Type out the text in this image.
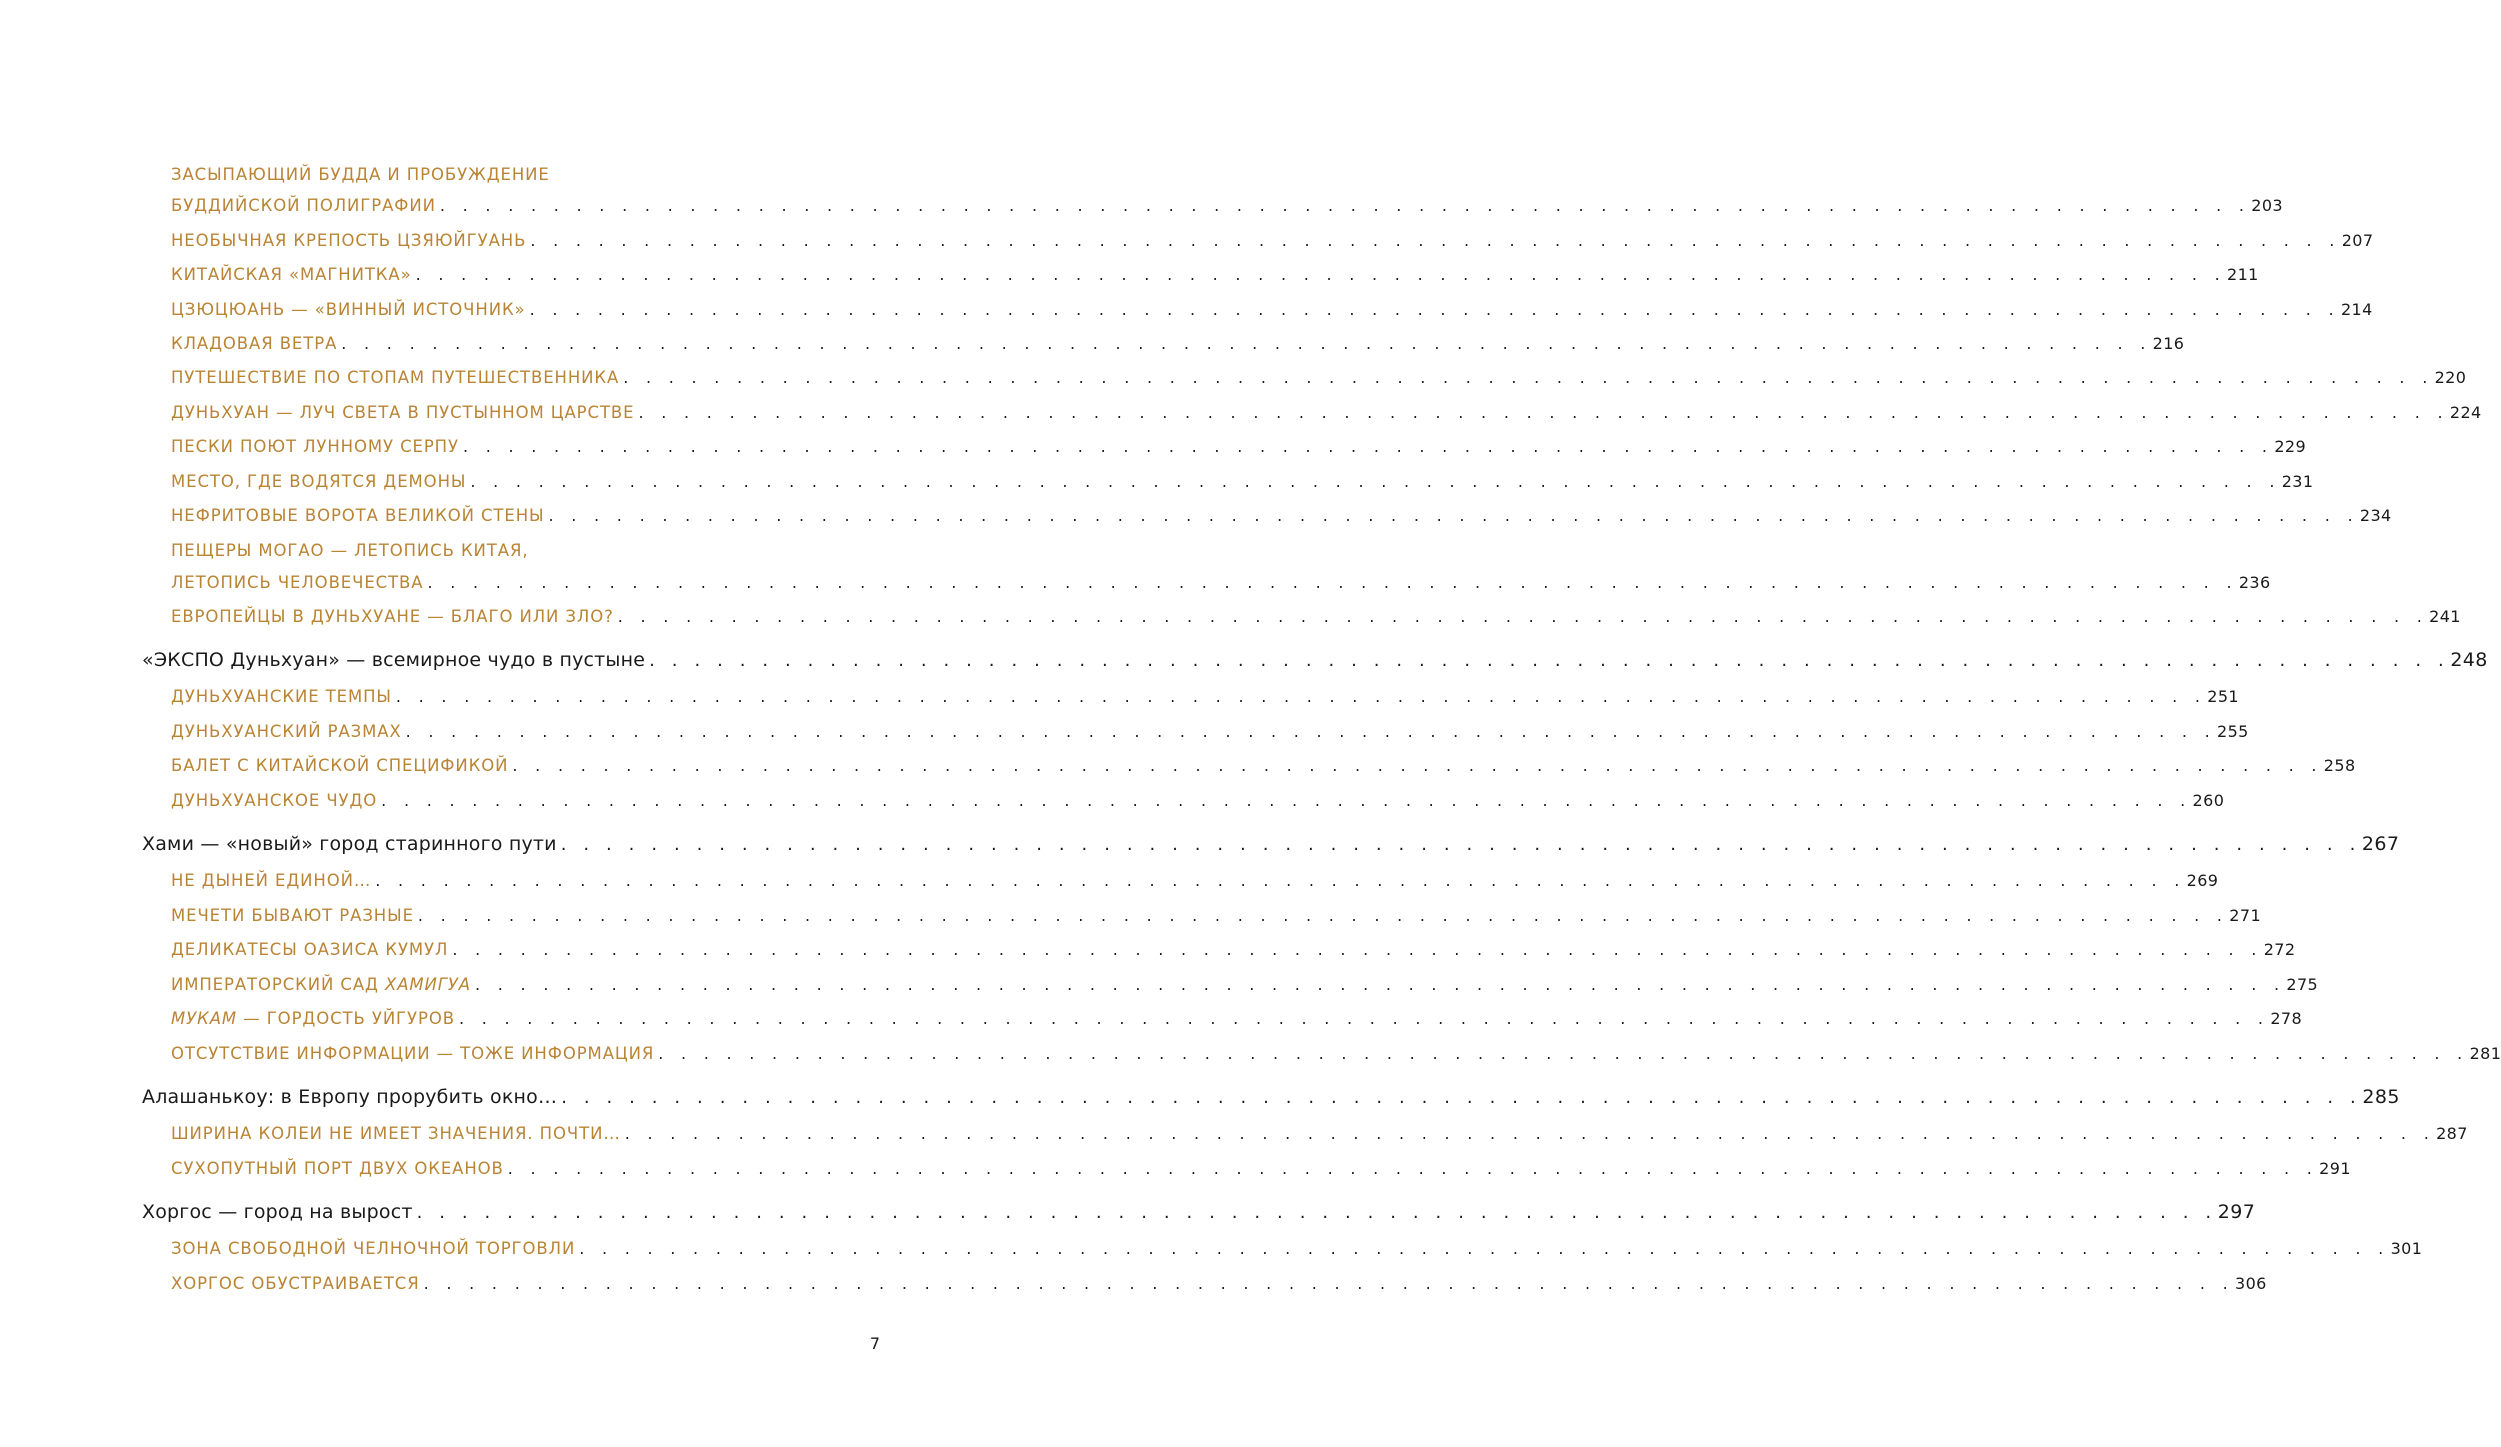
ЗАСЫПАЮЩИЙ БУДДА И ПРОБУЖДЕНИЕ
БУДДИЙСКОЙ ПОЛИГРАФИИ . . . . . . . . . . . . . . . . . . . . . . . . . . . . . . . . . . . . . . . . . . . . . . . . . . . . . . . . . . . . . . . . . . . . . . . . . . . . . . . . 203
НЕОБЫЧНАЯ КРЕПОСТЬ ЦЗЯЮЙГУАНЬ . . . . . . . . . . . . . . . . . . . . . . . . . . . . . . . . . . . . . . . . . . . . . . . . . . . . . . . . . . . . . . . . . . . . . . . . . . . . . . . . 207
КИТАЙСКАЯ «МАГНИТКА» . . . . . . . . . . . . . . . . . . . . . . . . . . . . . . . . . . . . . . . . . . . . . . . . . . . . . . . . . . . . . . . . . . . . . . . . . . . . . . . . 211
ЦЗЮЦЮАНЬ — «ВИННЫЙ ИСТОЧНИК» . . . . . . . . . . . . . . . . . . . . . . . . . . . . . . . . . . . . . . . . . . . . . . . . . . . . . . . . . . . . . . . . . . . . . . . . . . . . . . . . 214
КЛАДОВАЯ ВЕТРА . . . . . . . . . . . . . . . . . . . . . . . . . . . . . . . . . . . . . . . . . . . . . . . . . . . . . . . . . . . . . . . . . . . . . . . . . . . . . . . . 216
ПУТЕШЕСТВИЕ ПО СТОПАМ ПУТЕШЕСТВЕННИКА . . . . . . . . . . . . . . . . . . . . . . . . . . . . . . . . . . . . . . . . . . . . . . . . . . . . . . . . . . . . . . . . . . . . . . . . . . . . . . . . 220
ДУНЬХУАН — ЛУЧ СВЕТА В ПУСТЫННОМ ЦАРСТВЕ . . . . . . . . . . . . . . . . . . . . . . . . . . . . . . . . . . . . . . . . . . . . . . . . . . . . . . . . . . . . . . . . . . . . . . . . . . . . . . . . 224
ПЕСКИ ПОЮТ ЛУННОМУ СЕРПУ . . . . . . . . . . . . . . . . . . . . . . . . . . . . . . . . . . . . . . . . . . . . . . . . . . . . . . . . . . . . . . . . . . . . . . . . . . . . . . . . 229
МЕСТО, ГДЕ ВОДЯТСЯ ДЕМОНЫ . . . . . . . . . . . . . . . . . . . . . . . . . . . . . . . . . . . . . . . . . . . . . . . . . . . . . . . . . . . . . . . . . . . . . . . . . . . . . . . . 231
НЕФРИТОВЫЕ ВОРОТА ВЕЛИКОЙ СТЕНЫ . . . . . . . . . . . . . . . . . . . . . . . . . . . . . . . . . . . . . . . . . . . . . . . . . . . . . . . . . . . . . . . . . . . . . . . . . . . . . . . . 234
ПЕЩЕРЫ МОГАО — ЛЕТОПИСЬ КИТАЯ,
ЛЕТОПИСЬ ЧЕЛОВЕЧЕСТВА . . . . . . . . . . . . . . . . . . . . . . . . . . . . . . . . . . . . . . . . . . . . . . . . . . . . . . . . . . . . . . . . . . . . . . . . . . . . . . . . 236
ЕВРОПЕЙЦЫ В ДУНЬХУАНЕ — БЛАГО ИЛИ ЗЛО? . . . . . . . . . . . . . . . . . . . . . . . . . . . . . . . . . . . . . . . . . . . . . . . . . . . . . . . . . . . . . . . . . . . . . . . . . . . . . . . . 241
«ЭКСПО Дуньхуан» — всемирное чудо в пустыне . . . . . . . . . . . . . . . . . . . . . . . . . . . . . . . . . . . . . . . . . . . . . . . . . . . . . . . . . . . . . . . . . . . . . . . . . . . . . . . . 248
ДУНЬХУАНСКИЕ ТЕМПЫ . . . . . . . . . . . . . . . . . . . . . . . . . . . . . . . . . . . . . . . . . . . . . . . . . . . . . . . . . . . . . . . . . . . . . . . . . . . . . . . . 251
ДУНЬХУАНСКИЙ РАЗМАХ . . . . . . . . . . . . . . . . . . . . . . . . . . . . . . . . . . . . . . . . . . . . . . . . . . . . . . . . . . . . . . . . . . . . . . . . . . . . . . . . 255
БАЛЕТ С КИТАЙСКОЙ СПЕЦИФИКОЙ . . . . . . . . . . . . . . . . . . . . . . . . . . . . . . . . . . . . . . . . . . . . . . . . . . . . . . . . . . . . . . . . . . . . . . . . . . . . . . . . 258
ДУНЬХУАНСКОЕ ЧУДО . . . . . . . . . . . . . . . . . . . . . . . . . . . . . . . . . . . . . . . . . . . . . . . . . . . . . . . . . . . . . . . . . . . . . . . . . . . . . . . . 260
Хами — «новый» город старинного пути . . . . . . . . . . . . . . . . . . . . . . . . . . . . . . . . . . . . . . . . . . . . . . . . . . . . . . . . . . . . . . . . . . . . . . . . . . . . . . . . 267
НЕ ДЫНЕЙ ЕДИНОЙ… . . . . . . . . . . . . . . . . . . . . . . . . . . . . . . . . . . . . . . . . . . . . . . . . . . . . . . . . . . . . . . . . . . . . . . . . . . . . . . . . 269
МЕЧЕТИ БЫВАЮТ РАЗНЫЕ . . . . . . . . . . . . . . . . . . . . . . . . . . . . . . . . . . . . . . . . . . . . . . . . . . . . . . . . . . . . . . . . . . . . . . . . . . . . . . . . 271
ДЕЛИКАТЕСЫ ОАЗИСА КУМУЛ . . . . . . . . . . . . . . . . . . . . . . . . . . . . . . . . . . . . . . . . . . . . . . . . . . . . . . . . . . . . . . . . . . . . . . . . . . . . . . . . 272
ИМПЕРАТОРСКИЙ САД ХАМИГУА . . . . . . . . . . . . . . . . . . . . . . . . . . . . . . . . . . . . . . . . . . . . . . . . . . . . . . . . . . . . . . . . . . . . . . . . . . . . . . . . 275
МУКАМ — ГОРДОСТЬ УЙГУРОВ . . . . . . . . . . . . . . . . . . . . . . . . . . . . . . . . . . . . . . . . . . . . . . . . . . . . . . . . . . . . . . . . . . . . . . . . . . . . . . . . 278
ОТСУТСТВИЕ ИНФОРМАЦИИ — ТОЖЕ ИНФОРМАЦИЯ . . . . . . . . . . . . . . . . . . . . . . . . . . . . . . . . . . . . . . . . . . . . . . . . . . . . . . . . . . . . . . . . . . . . . . . . . . . . . . . . 281
Алашанькоу: в Европу прорубить окно… . . . . . . . . . . . . . . . . . . . . . . . . . . . . . . . . . . . . . . . . . . . . . . . . . . . . . . . . . . . . . . . . . . . . . . . . . . . . . . . . 285
ШИРИНА КОЛЕИ НЕ ИМЕЕТ ЗНАЧЕНИЯ. ПОЧТИ… . . . . . . . . . . . . . . . . . . . . . . . . . . . . . . . . . . . . . . . . . . . . . . . . . . . . . . . . . . . . . . . . . . . . . . . . . . . . . . . . 287
СУХОПУТНЫЙ ПОРТ ДВУХ ОКЕАНОВ . . . . . . . . . . . . . . . . . . . . . . . . . . . . . . . . . . . . . . . . . . . . . . . . . . . . . . . . . . . . . . . . . . . . . . . . . . . . . . . . 291
Хоргос — город на вырост . . . . . . . . . . . . . . . . . . . . . . . . . . . . . . . . . . . . . . . . . . . . . . . . . . . . . . . . . . . . . . . . . . . . . . . . . . . . . . . . 297
ЗОНА СВОБОДНОЙ ЧЕЛНОЧНОЙ ТОРГОВЛИ . . . . . . . . . . . . . . . . . . . . . . . . . . . . . . . . . . . . . . . . . . . . . . . . . . . . . . . . . . . . . . . . . . . . . . . . . . . . . . . . 301
ХОРГОС ОБУСТРАИВАЕТСЯ . . . . . . . . . . . . . . . . . . . . . . . . . . . . . . . . . . . . . . . . . . . . . . . . . . . . . . . . . . . . . . . . . . . . . . . . . . . . . . . . 306
7
